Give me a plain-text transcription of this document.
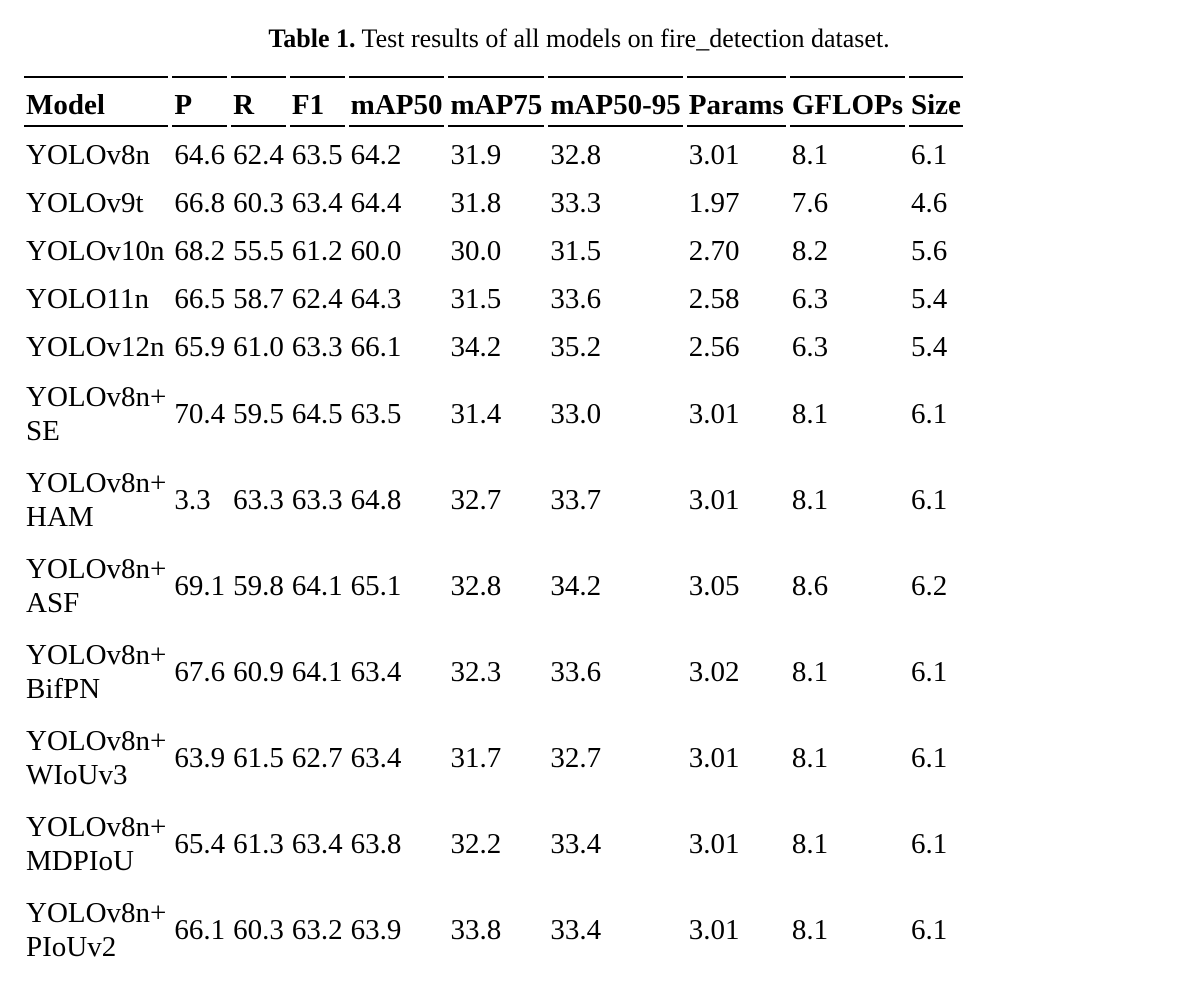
Table 1. Test results of all models on fire_detection dataset.
Model	P	R	F1	mAP50	mAP75	mAP50-95	Params	GFLOPs	Size
YOLOv8n	64.6	62.4	63.5	64.2	31.9	32.8	3.01	8.1	6.1
YOLOv9t	66.8	60.3	63.4	64.4	31.8	33.3	1.97	7.6	4.6
YOLOv10n	68.2	55.5	61.2	60.0	30.0	31.5	2.70	8.2	5.6
YOLO11n	66.5	58.7	62.4	64.3	31.5	33.6	2.58	6.3	5.4
YOLOv12n	65.9	61.0	63.3	66.1	34.2	35.2	2.56	6.3	5.4
YOLOv8n+
SE	70.4	59.5	64.5	63.5	31.4	33.0	3.01	8.1	6.1
YOLOv8n+
HAM	3.3	63.3	63.3	64.8	32.7	33.7	3.01	8.1	6.1
YOLOv8n+
ASF	69.1	59.8	64.1	65.1	32.8	34.2	3.05	8.6	6.2
YOLOv8n+
BifPN	67.6	60.9	64.1	63.4	32.3	33.6	3.02	8.1	6.1
YOLOv8n+
WIoUv3	63.9	61.5	62.7	63.4	31.7	32.7	3.01	8.1	6.1
YOLOv8n+
MDPIoU	65.4	61.3	63.4	63.8	32.2	33.4	3.01	8.1	6.1
YOLOv8n+
PIoUv2	66.1	60.3	63.2	63.9	33.8	33.4	3.01	8.1	6.1
